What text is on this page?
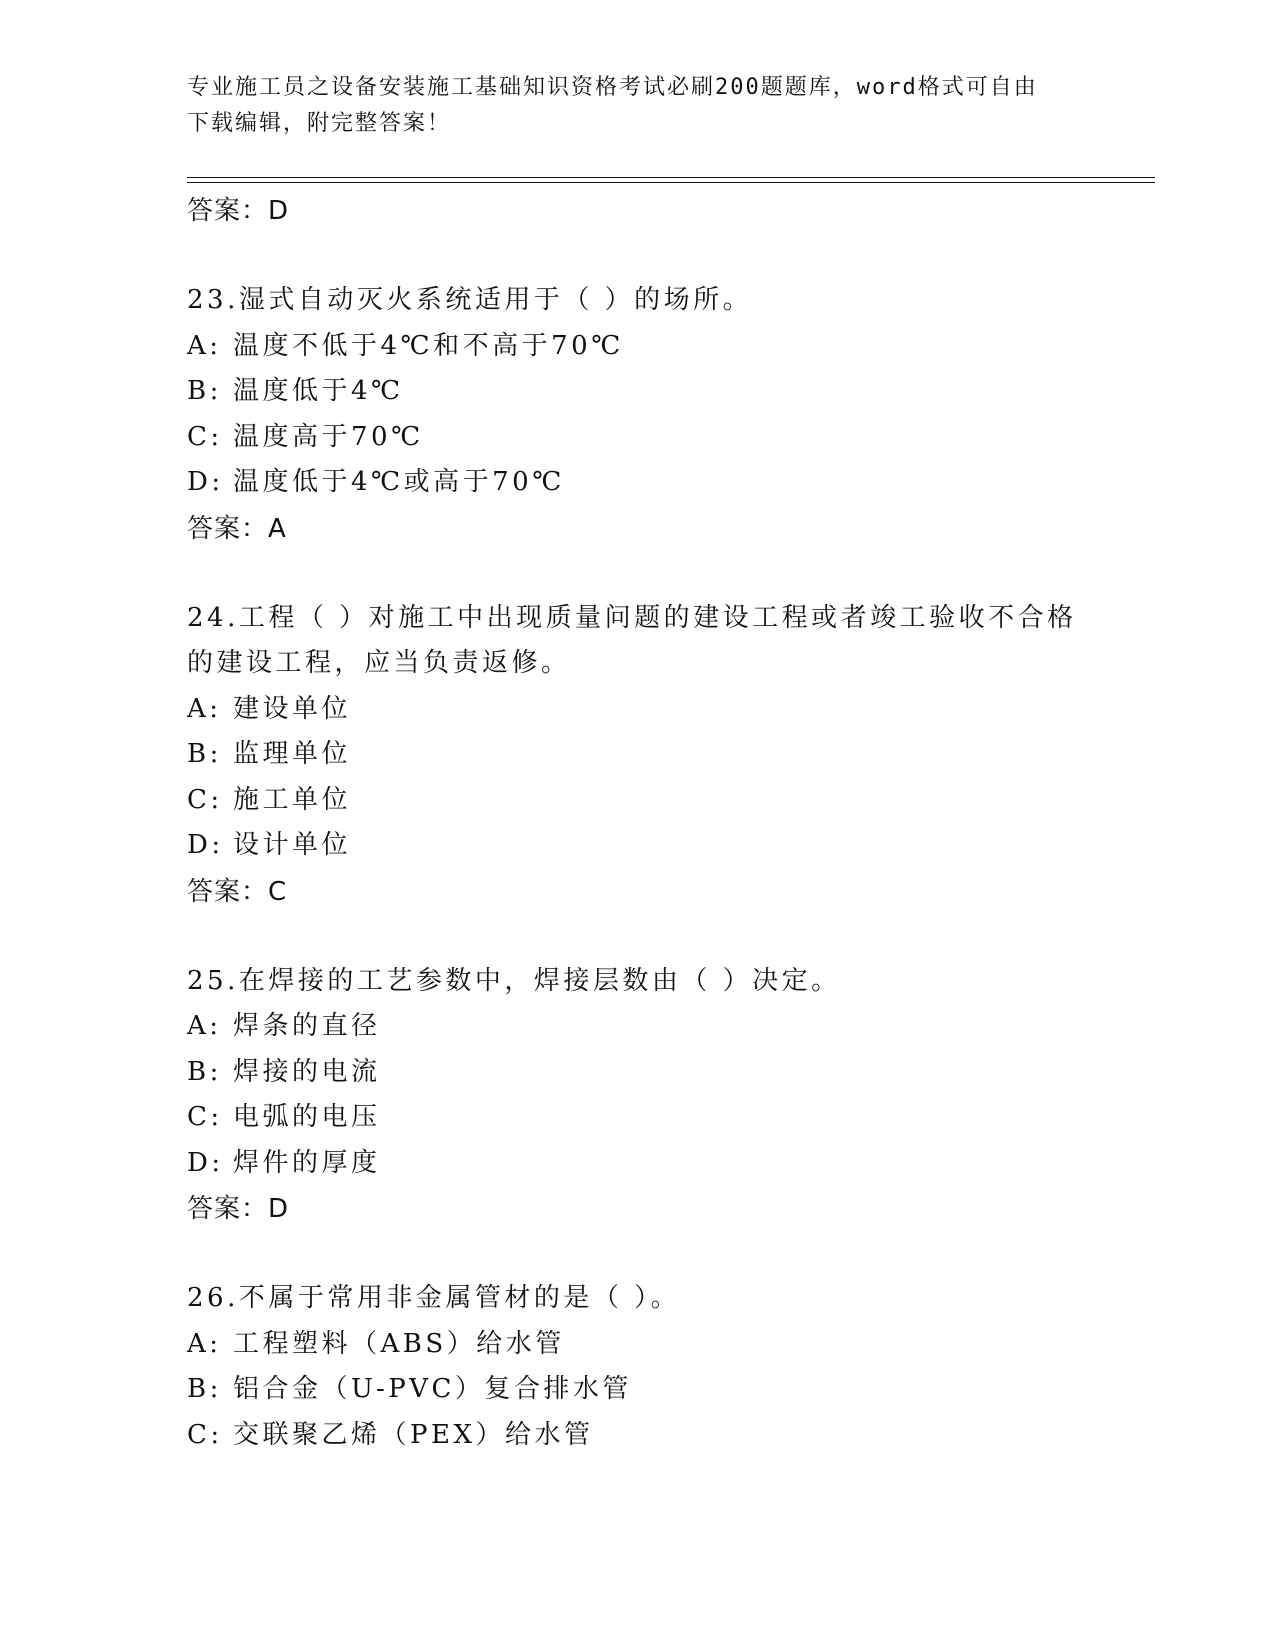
专业施工员之设备安装施工基础知识资格考试必刷200题题库，word格式可自由
下载编辑，附完整答案！
答案：D
23.湿式自动灭火系统适用于（ ）的场所。
A: 温度不低于4℃和不高于70℃
B: 温度低于4℃
C: 温度高于70℃
D: 温度低于4℃或高于70℃
答案：A
24.工程（ ）对施工中出现质量问题的建设工程或者竣工验收不合格
的建设工程，应当负责返修。
A: 建设单位
B: 监理单位
C: 施工单位
D: 设计单位
答案：C
25.在焊接的工艺参数中，焊接层数由（ ）决定。
A: 焊条的直径
B: 焊接的电流
C: 电弧的电压
D: 焊件的厚度
答案：D
26.不属于常用非金属管材的是（ ）。
A: 工程塑料（ABS）给水管
B: 铝合金（U-PVC）复合排水管
C: 交联聚乙烯（PEX）给水管
